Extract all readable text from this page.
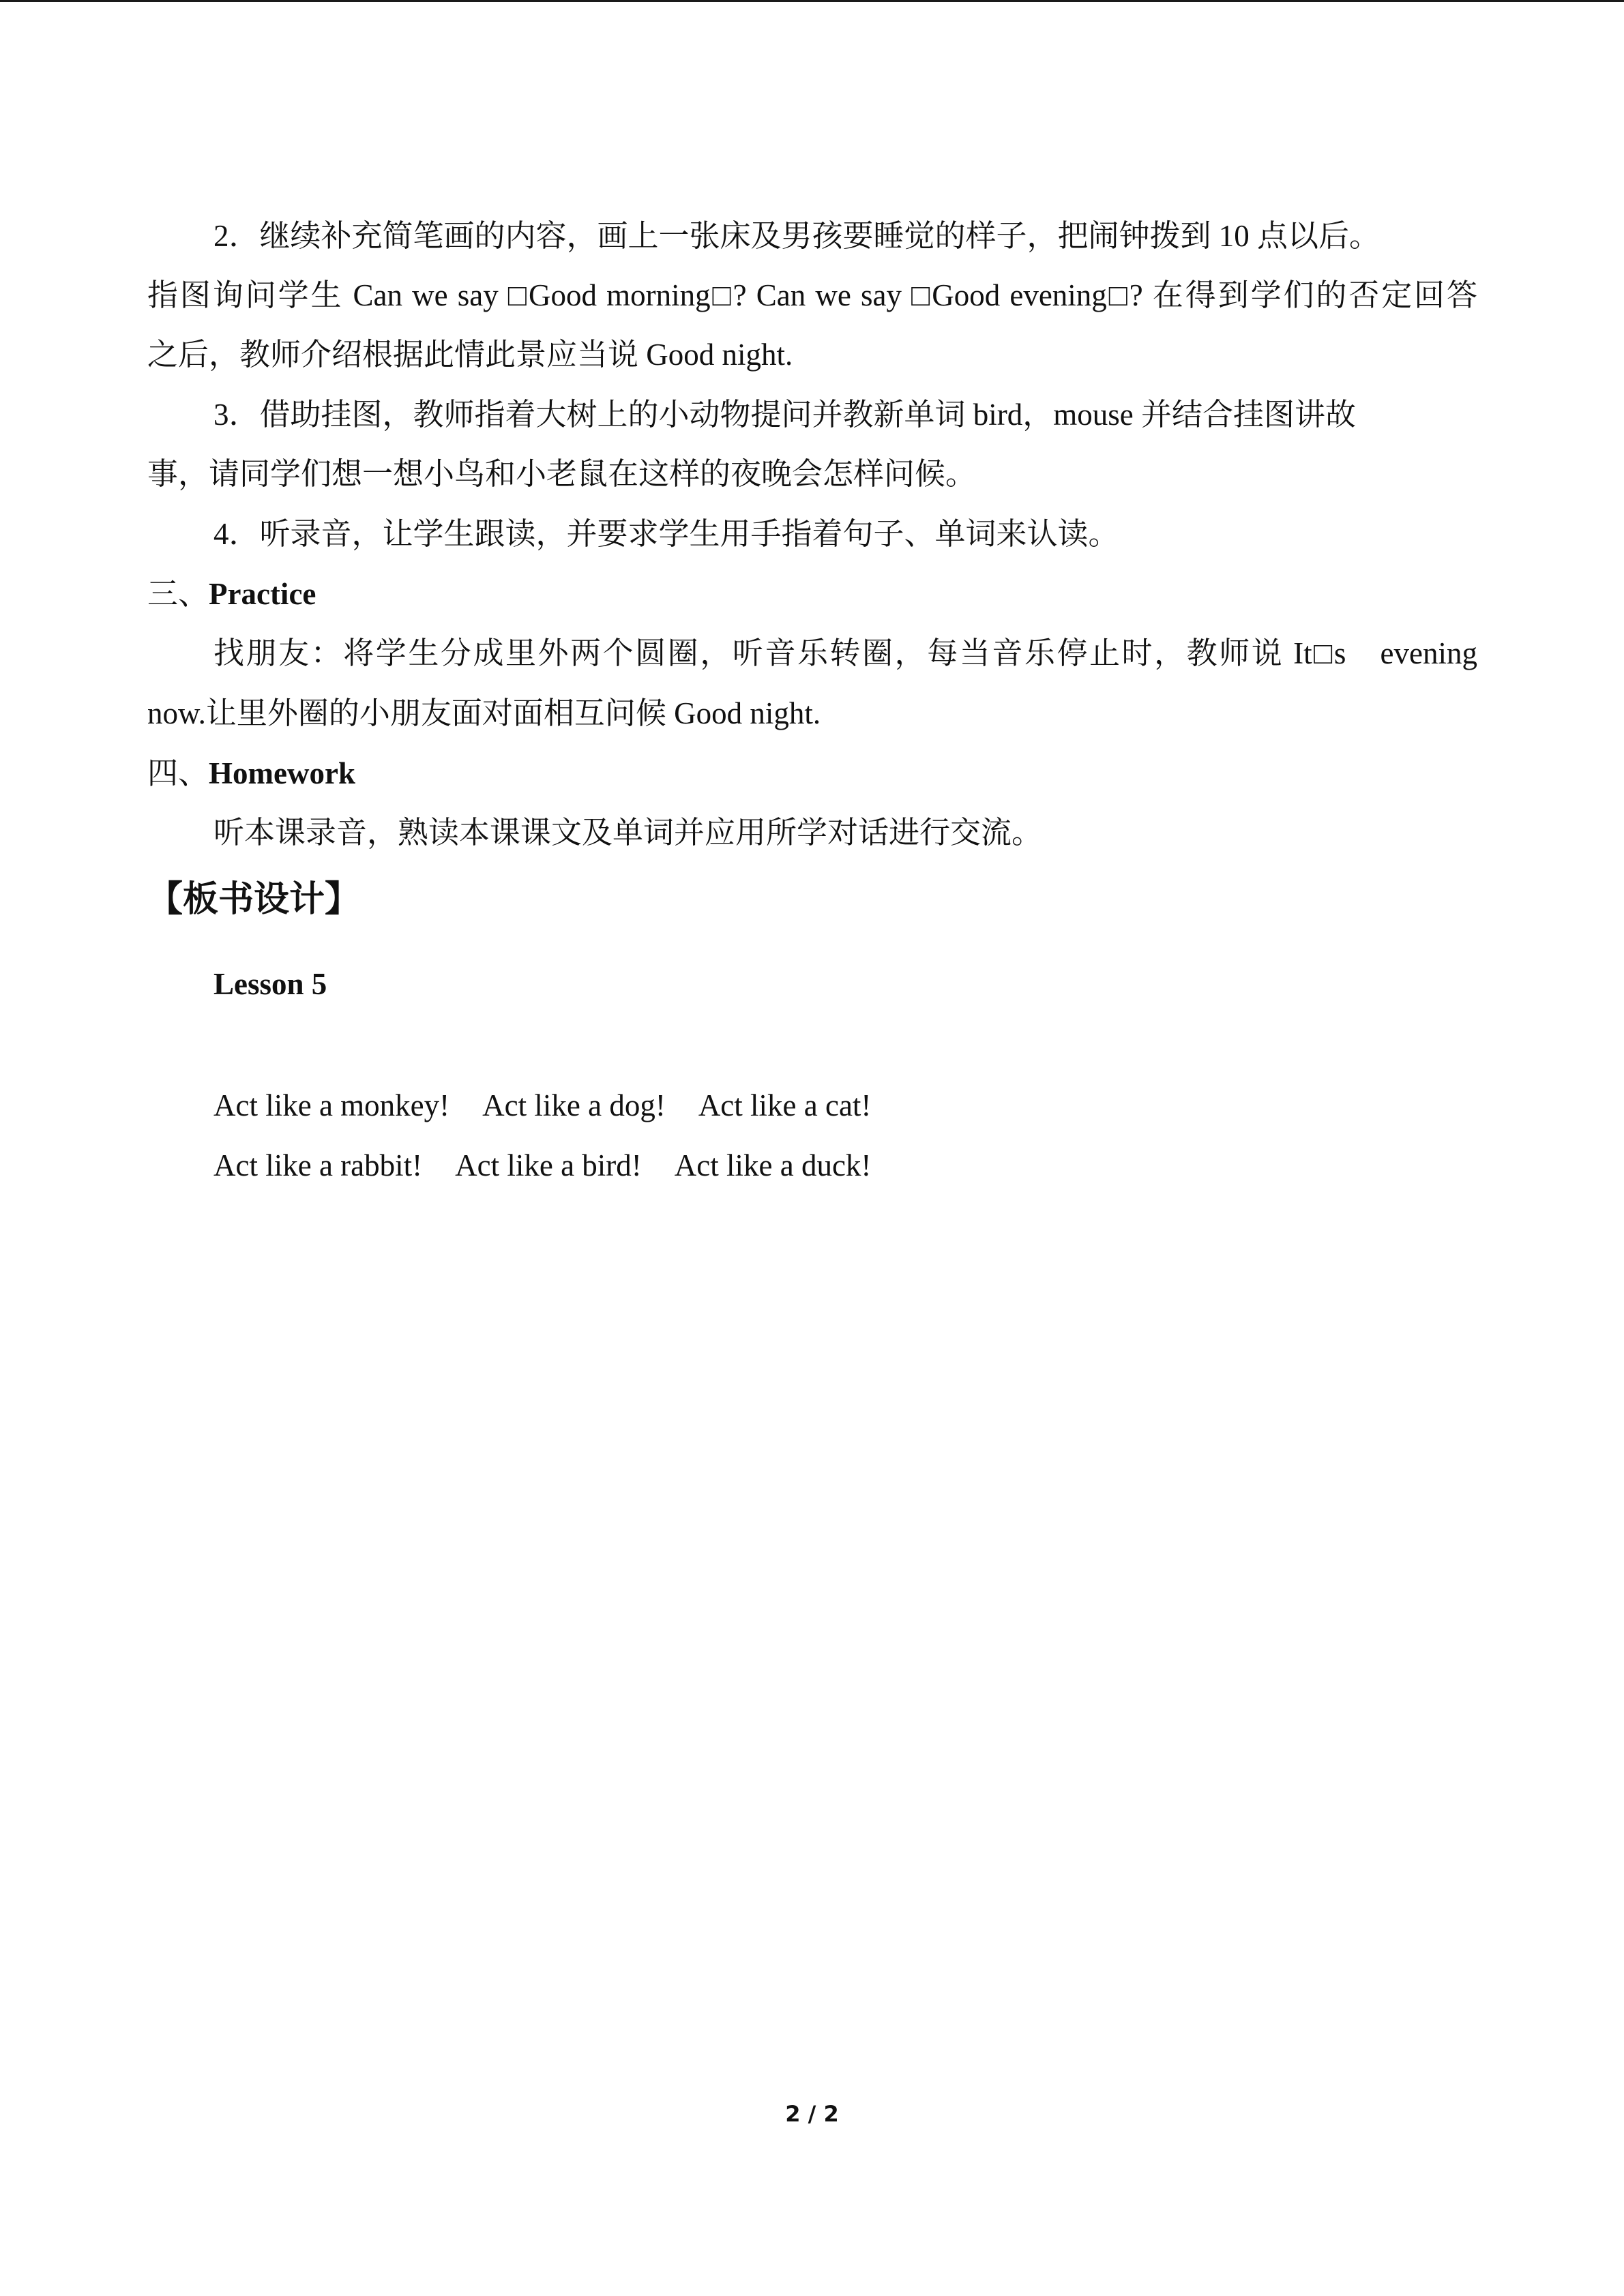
2．继续补充简笔画的内容，画上一张床及男孩要睡觉的样子，把闹钟拨到 10 点以后。
指图询问学生 Can we say □Good morning□? Can we say □Good evening□? 在得到学们的否定回答
之后，教师介绍根据此情此景应当说 Good night.
3．借助挂图，教师指着大树上的小动物提问并教新单词 bird，mouse 并结合挂图讲故
事，请同学们想一想小鸟和小老鼠在这样的夜晚会怎样问候。
4．听录音，让学生跟读，并要求学生用手指着句子、单词来认读。
三、Practice
找朋友：将学生分成里外两个圆圈，听音乐转圈，每当音乐停止时，教师说 It□s　evening
now.让里外圈的小朋友面对面相互问候 Good night.
四、Homework
听本课录音，熟读本课课文及单词并应用所学对话进行交流。
【板书设计】
Lesson 5
Act like a monkey! Act like a dog! Act like a cat!
Act like a rabbit! Act like a bird! Act like a duck!
2 / 2
